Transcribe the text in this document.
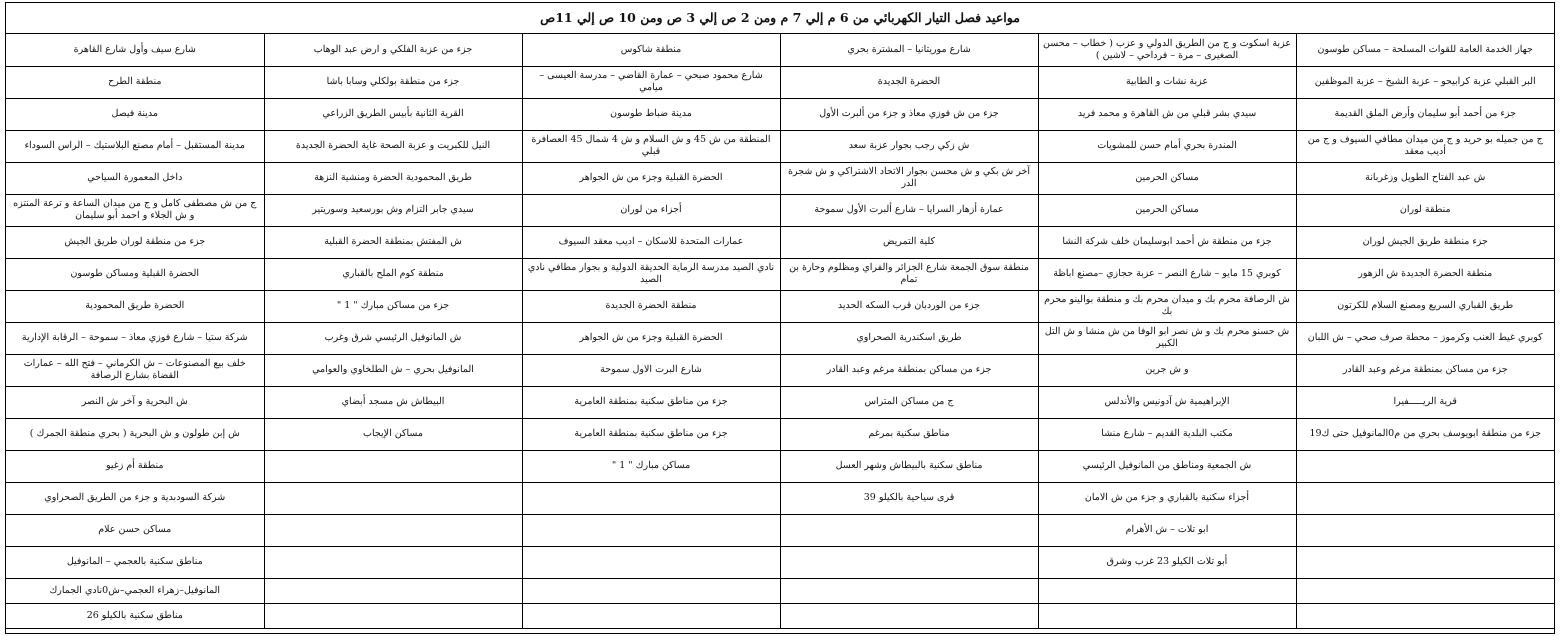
مواعيد فصل التيار الكهربائي من 6 م إلي 7 م ومن 2 ص إلي 3 ص ومن 10 ص إلي 11ص
جهاز الخدمة العامة للقوات المسلحة – مساكن طوسون	عزبة اسكوت و ج من الطريق الدولي و عزب ( خطاب – محسن الصغيرى – مرة – فرداحي – لاشين )	شارع موريتانيا – المشترة بحري	منطقة شاكوس	جزء من عزبة الفلكي و ارض عبد الوهاب	شارع سيف وأول شارع القاهرة
البر القبلي عزبة كرابيحو – عزبة الشيخ – عزبة الموظفين	عزبة نشات و الطابية	الحضرة الجديدة	شارع محمود صبحي – عمارة القاضي – مدرسة العيسى – ميامي	جزء من منطقة بولكلي وسابا باشا	منطقة الطرح
جزء من أحمد أبو سليمان وأرض الملق القديمة	سيدي بشر قبلي من ش القاهرة و محمد فريد	جزء من ش فوزي معاذ و جزء من ألبرت الأول	مدينة ضباط طوسون	القرية الثانية بأبيس الطريق الزراعي	مدينة فيصل
ج من جميله بو حريد و ج من ميدان مطافي السيوف و ج من أديب معقد	المندرة بحري أمام حسن للمشويات	ش زكي رجب بجوار عزبة سعد	المنطقة من ش 45 و ش السلام و ش 4 شمال 45 العصافرة قبلي	النيل للكبريت و عزبة الصحة غاية الحضرة الجديدة	مدينة المستقبل – أمام مصنع البلاستيك – الراس السوداء
ش عبد الفتاح الطويل وزغربانة	مساكن الحرمين	آخر ش بكي و ش محسن بجوار الاتحاد الاشتراكي و ش شجرة الدر	الحضرة القبلية وجزء من ش الجواهر	طريق المحمودية الحضرة ومنشية النزهة	داخل المعمورة السياحي
منطقة لوران	مساكن الحرمين	عمارة أزهار السرايا – شارع ألبرت الأول سموحة	أجزاء من لوران	سيدي جابر التزام وش بورسعيد وسوريتير	ج من ش مصطفى كامل و ج من ميدان الساعة و ترعة المنتزه و ش الجلاء و احمد أبو سليمان
جزء منطقة طريق الجيش لوران	جزء من منطقة ش أحمد ابوسليمان خلف شركة النشا	كلية التمريض	عمارات المتحدة للاسكان – اديب معقد السيوف	ش المفتش بمنطقة الحضرة القبلية	جزء من منطقة لوران طريق الجيش
منطقة الحضرة الجديدة ش الزهور	كوبري 15 مايو – شارع النصر – عزبة حجازي –مصنع اباظة	منطقة سوق الجمعة شارع الجزائر والفراي ومظلوم وحارة بن تمام	نادي الصيد مدرسة الرماية الحديقة الدولية و بجوار مطافي نادي الصيد	منطقة كوم الملح بالقباري	الحضرة القبلية ومساكن طوسون
طريق القباري السريع ومصنع السلام للكرتون	ش الرصافة محرم بك و ميدان محرم بك و منطقة بوالينو محرم بك	جزء من الوردبان قرب السكه الحديد	منطقة الحضرة الجديدة	جزء من مساكن مبارك " 1 "	الحضرة طريق المحمودية
كوبري غيط العنب وكرموز – محطة صرف صحي – ش اللبان	ش حسنو محرم بك و ش نصر ابو الوفا من ش منشا و ش التل الكبير	طريق اسكندرية الصحراوي	الحضرة القبلية وجزء من ش الجواهر	ش المانوفيل الرئيسي شرق وغرب	شركة ستيا – شارع فوزي معاذ – سموحة – الرقابة الإدارية
جزء من مساكن بمنطقة مرغم وعبد القادر	و ش جرين	جزء من مساكن بمنطقة مرغم وعبد القادر	شارع البرت الاول سموحة	المانوفيل بحري – ش الطلخاوي والعوامي	خلف بيع المصنوعات – ش الكرماني – فتح الله – عمارات القضاة بشارع الرصافة
قرية الريـــــفيرا	الإبراهيمية ش آدونيس والأندلس	ج من مساكن المتراس	جزء من مناطق سكنية بمنطقة العامرية	البيطاش ش مسجد أبضاي	ش البحرية و آخر ش النصر
جزء من منطقة ابويوسف بحري من م0المانوفيل حتى ك19	مكتب البلدية القديم – شارع منشا	مناطق سكنية بمرغم	جزء من مناطق سكنية بمنطقة العامرية	مساكن الإيجاب	ش إبن طولون و ش البحرية ( بحري منطقة الجمرك )
	ش الجمعية ومناطق من المانوفيل الرئيسي	مناطق سكنية بالبيطاش وشهر العسل	مساكن مبارك " 1 "		منطقة أم زغيو
	أجزاء سكنية بالقباري و جزء من ش الامان	قرى سياحية بالكيلو 39			شركة السودبدية و جزء من الطريق الصحراوي
	ابو تلات – ش الأهرام				مساكن حسن علام
	أبو تلات الكيلو 23 غرب وشرق				مناطق سكنية بالعجمي – المانوفيل
					المانوفيل–زهراء العجمي–ش0نادي الجمارك
					مناطق سكنية بالكيلو 26
